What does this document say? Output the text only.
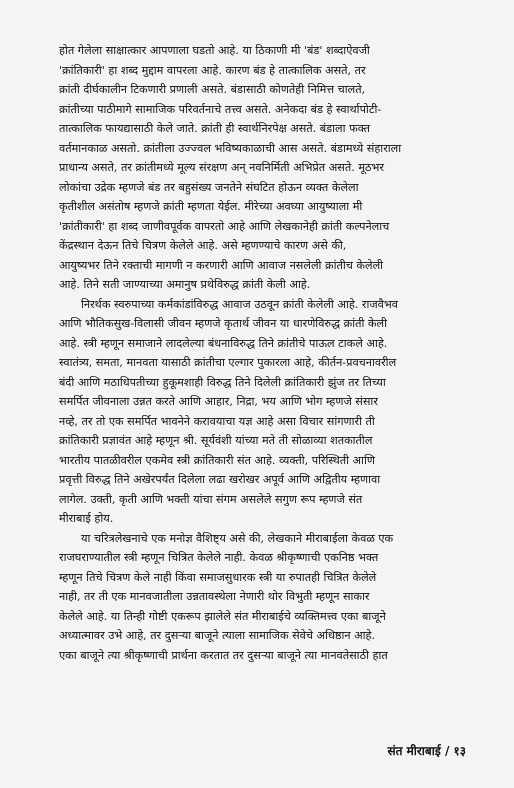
होत गेलेला साक्षात्कार आपणाला घडतो आहे. या ठिकाणी मी 'बंड' शब्दाऐवजी
'क्रांतिकारी' हा शब्द मुद्दाम वापरला आहे. कारण बंड हे तात्कालिक असते, तर
क्रांती दीर्घकालीन टिकणारी प्रणाली असते. बंडासाठी कोणतेही निमित्त चालते,
क्रांतीच्या पाठीमागे सामाजिक परिवर्तनाचे तत्त्व असते. अनेकदा बंड हे स्वार्थापोटी-
तात्कालिक फायद्यासाठी केले जाते. क्रांती ही स्वार्थनिरपेक्ष असते. बंडाला फक्त
वर्तमानकाळ असतो. क्रांतीला उज्ज्वल भविष्यकाळाची आस असते. बंडामध्ये संहाराला
प्राधान्य असते, तर क्रांतीमध्ये मूल्य संरक्षण अन् नवनिर्मिती अभिप्रेत असते. मूठभर
लोकांचा उद्रेक म्हणजे बंड तर बहुसंख्य जनतेने संघटित होऊन व्यक्त केलेला
कृतीशील असंतोष म्हणजे क्रांती म्हणता येईल. मीरेच्या अवघ्या आयुष्याला मी
'क्रांतीकारी' हा शब्द जाणीवपूर्वक वापरतो आहे आणि लेखकानेही क्रांती कल्पनेलाच
केंद्रस्थान देऊन तिचे चित्रण केलेले आहे. असे म्हणण्याचे कारण असे की,
आयुष्यभर तिने रक्ताची मागणी न करणारी आणि आवाज नसलेली क्रांतीच केलेली
आहे. तिने सती जाण्याच्या अमानुष प्रथेविरुद्ध क्रांती केली आहे.
निरर्थक स्वरुपाच्या कर्मकांडांविरुद्ध आवाज उठवून क्रांती केलेली आहे. राजवैभव
आणि भौतिकसुख-विलासी जीवन म्हणजे कृतार्थ जीवन या धारणेविरुद्ध क्रांती केली
आहे. स्त्री म्हणून समाजाने लादलेल्या बंधनाविरुद्ध तिने क्रांतीचे पाऊल टाकले आहे.
स्वातंत्र्य, समता, मानवता यासाठी क्रांतीचा एल्गार पुकारला आहे, कीर्तन-प्रवचनावरील
बंदी आणि मठाधिपतीच्या हुकूमशाही विरुद्ध तिने दिलेली क्रांतिकारी झुंज तर तिच्या
समर्पित जीवनाला उन्नत करते आणि आहार, निद्रा, भय आणि भोग म्हणजे संसार
नव्हे, तर तो एक समर्पित भावनेने करावयाचा यज्ञ आहे असा विचार सांगणारी ती
क्रांतिकारी प्रज्ञावंत आहे म्हणून श्री. सूर्यवंशी यांच्या मते ती सोळाव्या शतकातील
भारतीय पातळीवरील एकमेव स्त्री क्रांतिकारी संत आहे. व्यक्ती, परिस्थिती आणि
प्रवृत्ती विरुद्ध तिने अखेरपर्यंत दिलेला लढा खरोखर अपूर्व आणि अद्वितीय म्हणावा
लागेल. उक्ती, कृती आणि भक्ती यांचा संगम असलेले सगुण रूप म्हणजे संत
मीराबाई होय.
या चरित्रलेखनाचे एक मनोज्ञ वैशिष्ट्य असे की, लेखकाने मीराबाईला केवळ एक
राजघराण्यातील स्त्री म्हणून चित्रित केलेले नाही. केवळ श्रीकृष्णाची एकनिष्ठ भक्त
म्हणून तिचे चित्रण केले नाही किंवा समाजसुधारक स्त्री या रुपातही चित्रित केलेले
नाही, तर ती एक मानवजातीला उन्नतावस्थेला नेणारी थोर विभुती म्हणून साकार
केलेले आहे. या तिन्ही गोष्टी एकरूप झालेले संत मीराबाईचे व्यक्तिमत्त्व एका बाजूने
अध्यात्मावर उभे आहे, तर दुसऱ्या बाजूने त्याला सामाजिक सेवेचे अधिष्ठान आहे.
एका बाजूने त्या श्रीकृष्णाची प्रार्थना करतात तर दुसऱ्या बाजूने त्या मानवतेसाठी हात
संत मीराबाई / १३
